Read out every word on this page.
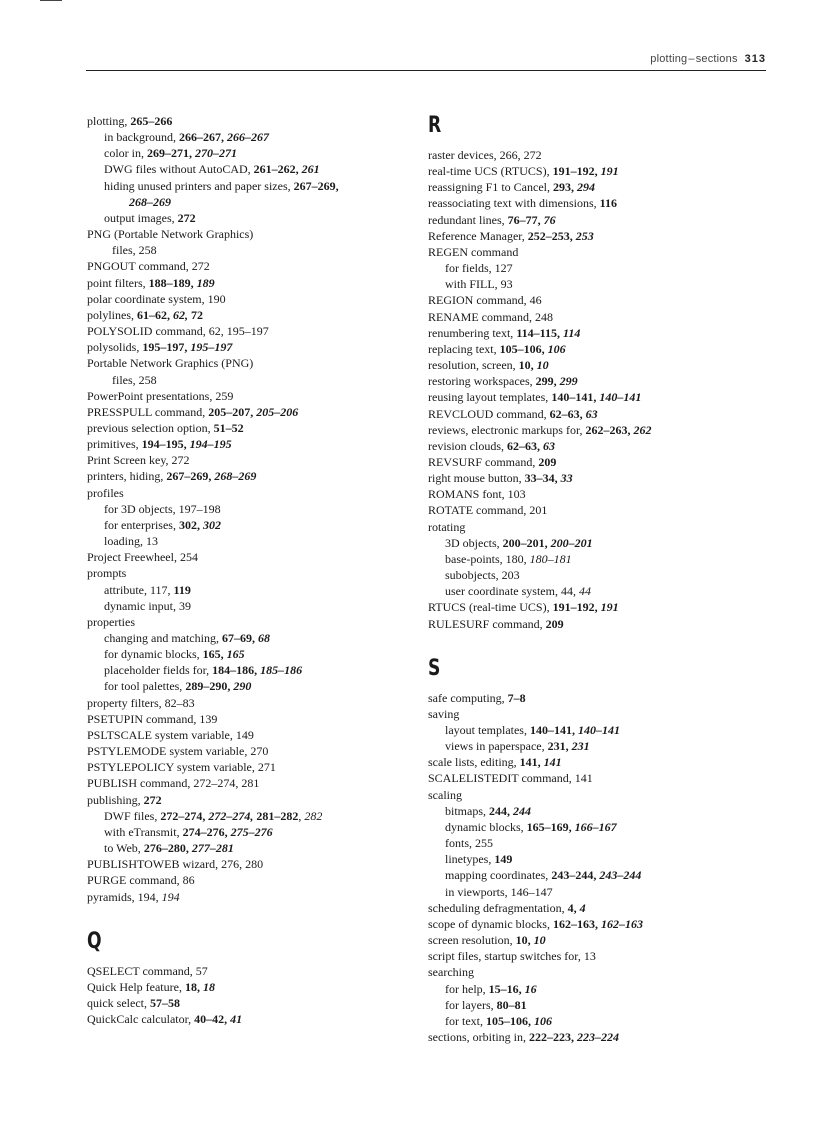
plotting–sections 313
plotting, 265–266
in background, 266–267, 266–267
color in, 269–271, 270–271
DWG files without AutoCAD, 261–262, 261
hiding unused printers and paper sizes, 267–269,
268–269
output images, 272
PNG (Portable Network Graphics)
files, 258
PNGOUT command, 272
point filters, 188–189, 189
polar coordinate system, 190
polylines, 61–62, 62, 72
POLYSOLID command, 62, 195–197
polysolids, 195–197, 195–197
Portable Network Graphics (PNG)
files, 258
PowerPoint presentations, 259
PRESSPULL command, 205–207, 205–206
previous selection option, 51–52
primitives, 194–195, 194–195
Print Screen key, 272
printers, hiding, 267–269, 268–269
profiles
for 3D objects, 197–198
for enterprises, 302, 302
loading, 13
Project Freewheel, 254
prompts
attribute, 117, 119
dynamic input, 39
properties
changing and matching, 67–69, 68
for dynamic blocks, 165, 165
placeholder fields for, 184–186, 185–186
for tool palettes, 289–290, 290
property filters, 82–83
PSETUPIN command, 139
PSLTSCALE system variable, 149
PSTYLEMODE system variable, 270
PSTYLEPOLICY system variable, 271
PUBLISH command, 272–274, 281
publishing, 272
DWF files, 272–274, 272–274, 281–282, 282
with eTransmit, 274–276, 275–276
to Web, 276–280, 277–281
PUBLISHTOWEB wizard, 276, 280
PURGE command, 86
pyramids, 194, 194
Q
QSELECT command, 57
Quick Help feature, 18, 18
quick select, 57–58
QuickCalc calculator, 40–42, 41
R
raster devices, 266, 272
real-time UCS (RTUCS), 191–192, 191
reassigning F1 to Cancel, 293, 294
reassociating text with dimensions, 116
redundant lines, 76–77, 76
Reference Manager, 252–253, 253
REGEN command
for fields, 127
with FILL, 93
REGION command, 46
RENAME command, 248
renumbering text, 114–115, 114
replacing text, 105–106, 106
resolution, screen, 10, 10
restoring workspaces, 299, 299
reusing layout templates, 140–141, 140–141
REVCLOUD command, 62–63, 63
reviews, electronic markups for, 262–263, 262
revision clouds, 62–63, 63
REVSURF command, 209
right mouse button, 33–34, 33
ROMANS font, 103
ROTATE command, 201
rotating
3D objects, 200–201, 200–201
base-points, 180, 180–181
subobjects, 203
user coordinate system, 44, 44
RTUCS (real-time UCS), 191–192, 191
RULESURF command, 209
S
safe computing, 7–8
saving
layout templates, 140–141, 140–141
views in paperspace, 231, 231
scale lists, editing, 141, 141
SCALELISTEDIT command, 141
scaling
bitmaps, 244, 244
dynamic blocks, 165–169, 166–167
fonts, 255
linetypes, 149
mapping coordinates, 243–244, 243–244
in viewports, 146–147
scheduling defragmentation, 4, 4
scope of dynamic blocks, 162–163, 162–163
screen resolution, 10, 10
script files, startup switches for, 13
searching
for help, 15–16, 16
for layers, 80–81
for text, 105–106, 106
sections, orbiting in, 222–223, 223–224
